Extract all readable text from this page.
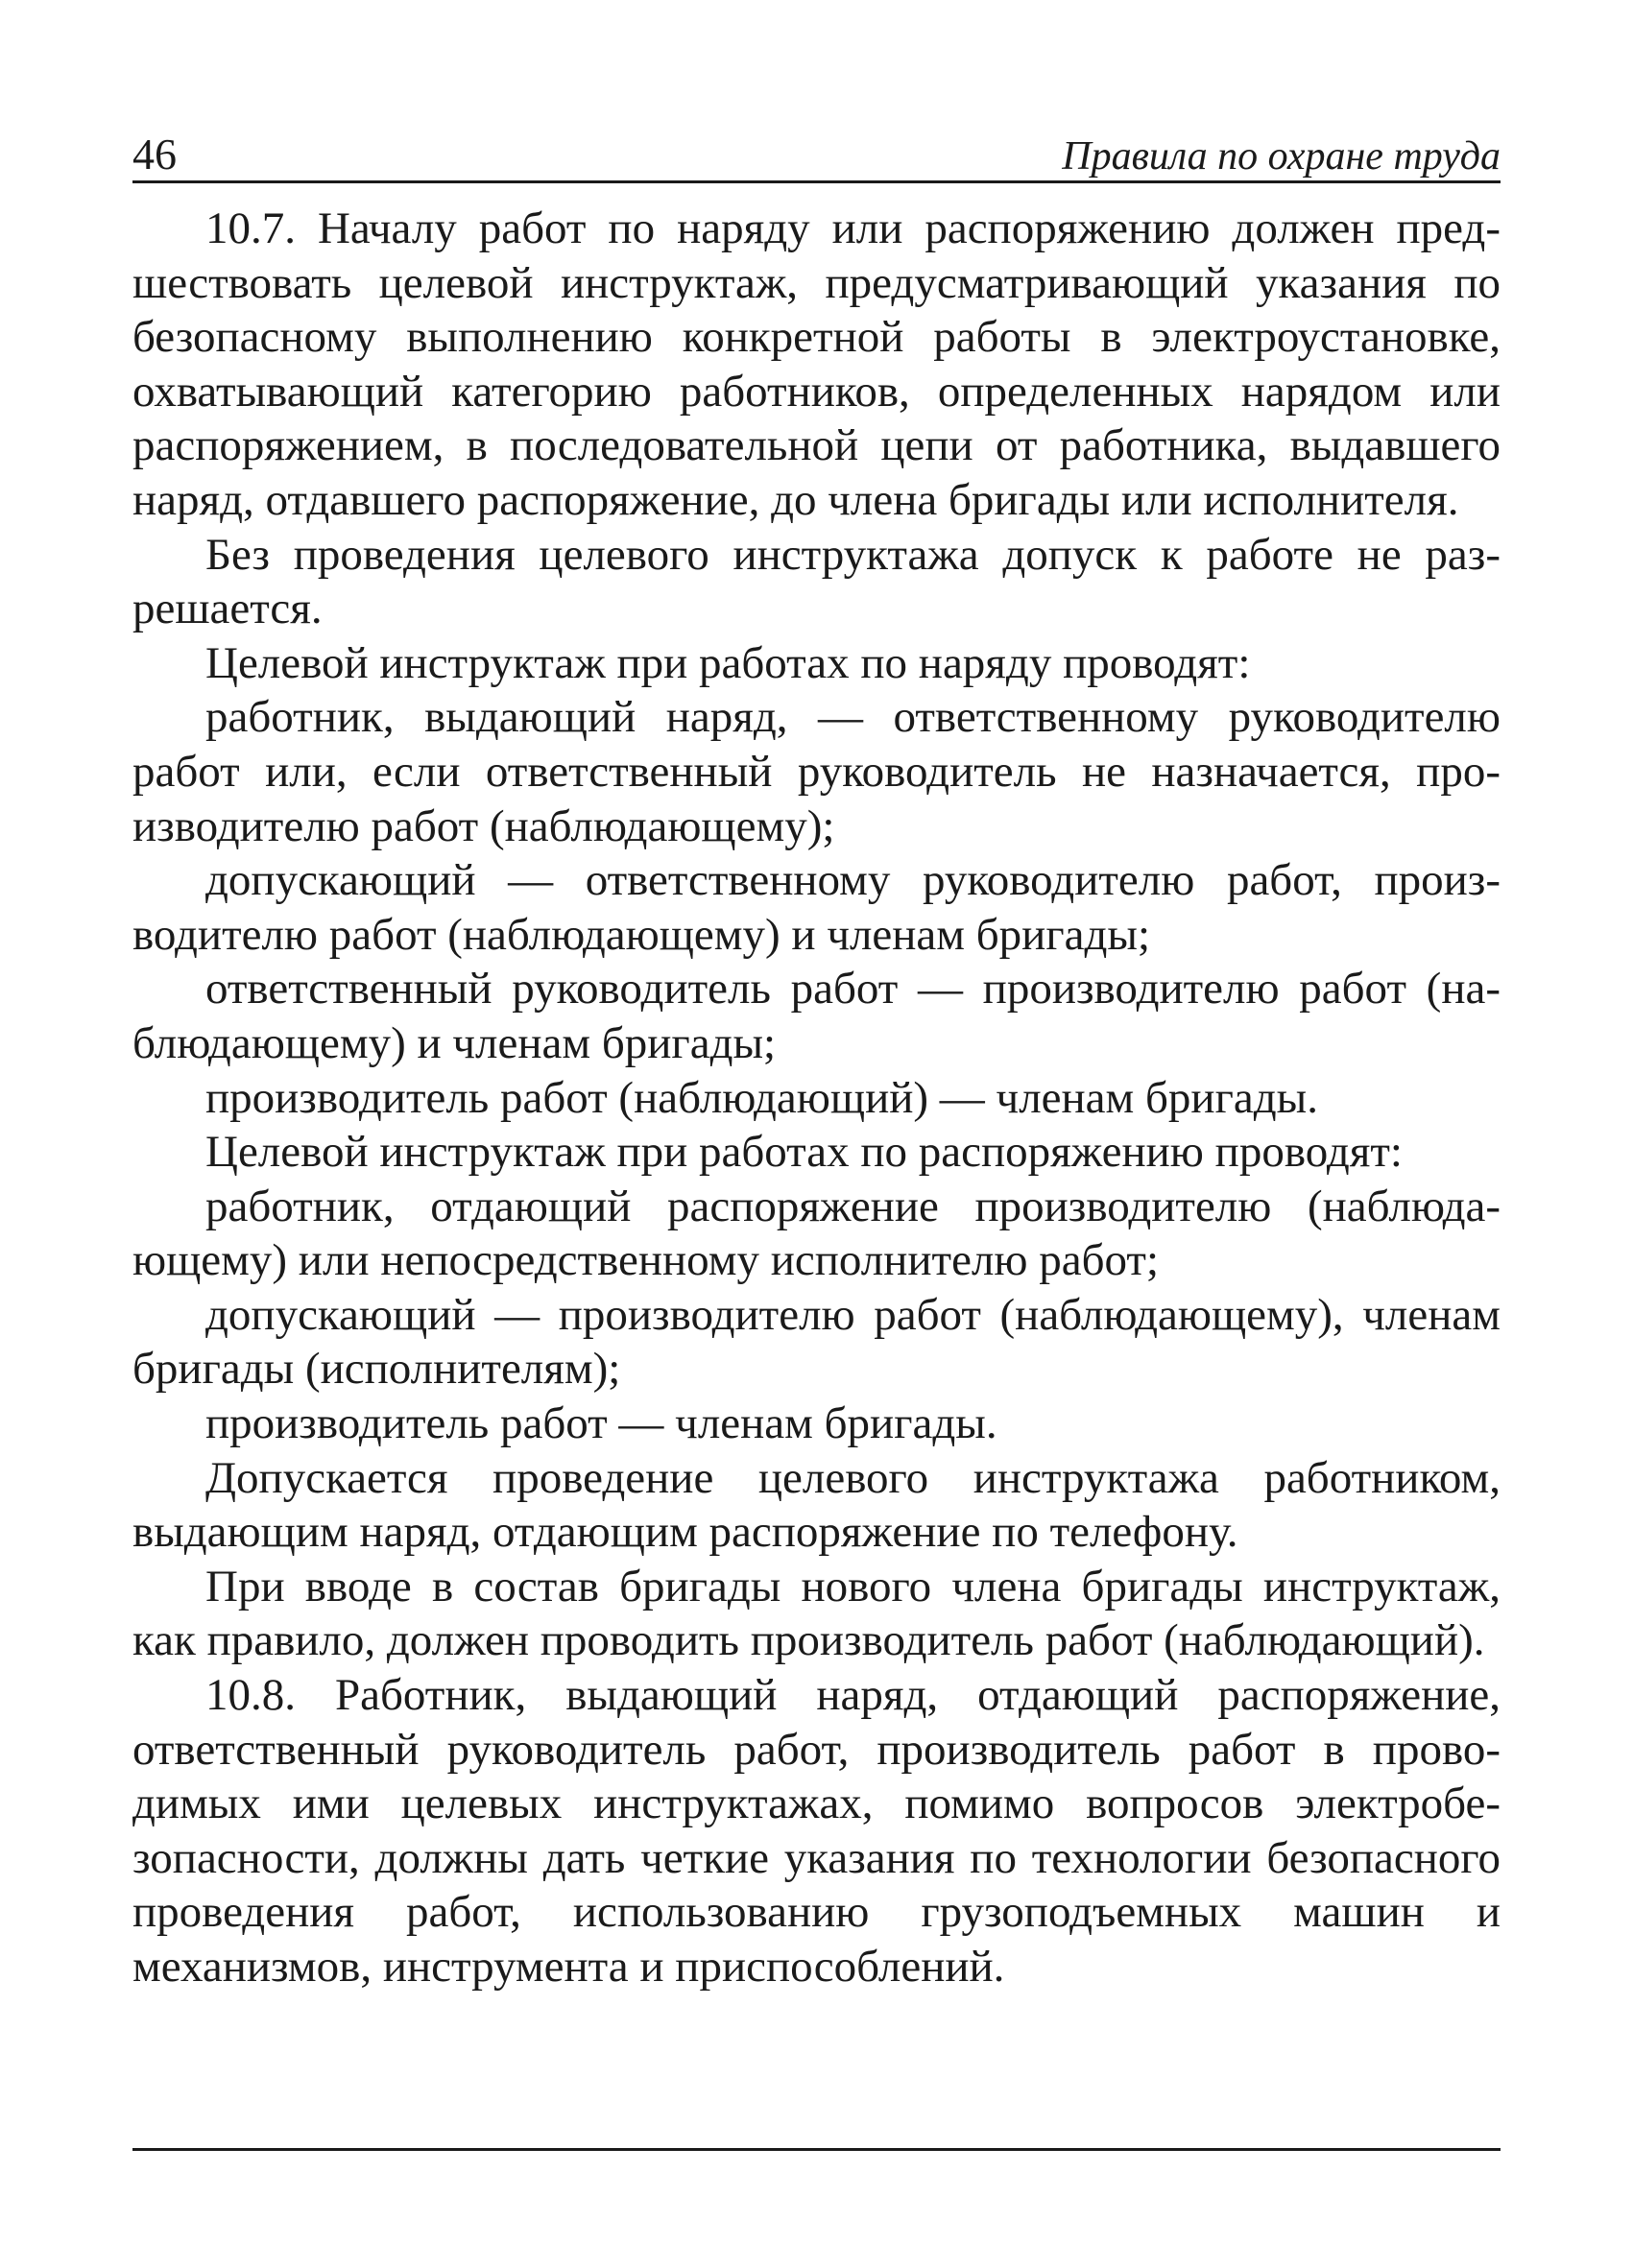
46	Правила по охране труда

10.7. Началу работ по наряду или распоряжению должен предшествовать целевой инструктаж, предусматривающий указания по безопасному выполнению конкретной работы в электроустановке, охватывающий категорию работников, определенных нарядом или распоряжением, в последовательной цепи от работника, выдавшего наряд, отдавшего распоряжение, до члена бригады или исполнителя.

Без проведения целевого инструктажа допуск к работе не разрешается.

Целевой инструктаж при работах по наряду проводят:

работник, выдающий наряд, — ответственному руководителю работ или, если ответственный руководитель не назначается, производителю работ (наблюдающему);

допускающий — ответственному руководителю работ, производителю работ (наблюдающему) и членам бригады;

ответственный руководитель работ — производителю работ (наблюдающему) и членам бригады;

производитель работ (наблюдающий) — членам бригады.

Целевой инструктаж при работах по распоряжению проводят:

работник, отдающий распоряжение производителю (наблюдающему) или непосредственному исполнителю работ;

допускающий — производителю работ (наблюдающему), членам бригады (исполнителям);

производитель работ — членам бригады.

Допускается проведение целевого инструктажа работником, выдающим наряд, отдающим распоряжение по телефону.

При вводе в состав бригады нового члена бригады инструктаж, как правило, должен проводить производитель работ (наблюдающий).

10.8. Работник, выдающий наряд, отдающий распоряжение, ответственный руководитель работ, производитель работ в проводимых ими целевых инструктажах, помимо вопросов электробезопасности, должны дать четкие указания по технологии безопасного проведения работ, использованию грузоподъемных машин и механизмов, инструмента и приспособлений.
